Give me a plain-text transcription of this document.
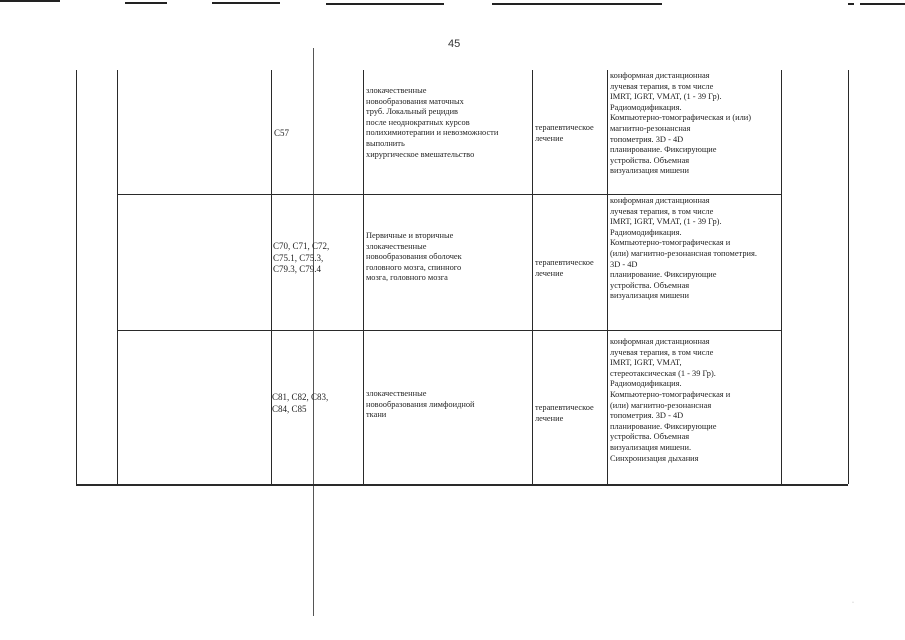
45
C57
злокачественные
новообразования маточных
труб. Локальный рецидив
после неоднократных курсов
полихимиотерапии и невозможности
выполнить
хирургическое вмешательство
терапевтическое
лечение
конформная дистанционная
лучевая терапия, в том числе
IMRT, IGRT, VMAT, (1 - 39 Гр).
Радиомодификация.
Компьютерно-томографическая и (или)
магнитно-резонансная
топометрия. 3D - 4D
планирование. Фиксирующие
устройства. Объемная
визуализация мишени
C70, C71, C72,
C75.1, C75.3,
C79.3, C79.4
Первичные и вторичные
злокачественные
новообразования оболочек
головного мозга, спинного
мозга, головного мозга
терапевтическое
лечение
конформная дистанционная
лучевая терапия, в том числе
IMRT, IGRT, VMAT, (1 - 39 Гр).
Радиомодификация.
Компьютерно-томографическая и
(или) магнитно-резонансная топометрия.
3D - 4D
планирование. Фиксирующие
устройства. Объемная
визуализация мишени
C81, C82, C83,
C84, C85
злокачественные
новообразования лимфоидной
ткани
терапевтическое
лечение
конформная дистанционная
лучевая терапия, в том числе
IMRT, IGRT, VMAT,
стереотаксическая (1 - 39 Гр).
Радиомодификация.
Компьютерно-томографическая и
(или) магнитно-резонансная
топометрия. 3D - 4D
планирование. Фиксирующие
устройства. Объемная
визуализация мишени.
Синхронизация дыхания
·
